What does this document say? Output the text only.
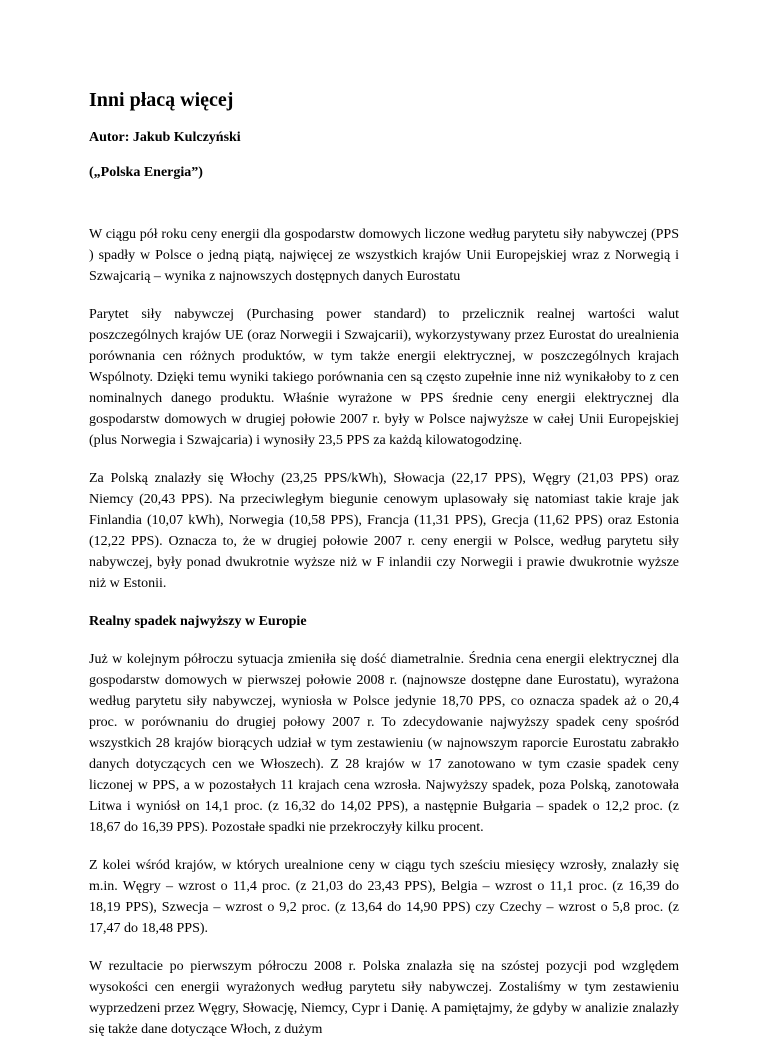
Inni płacą więcej
Autor: Jakub Kulczyński
(„Polska Energia”)

W ciągu pół roku ceny energii dla gospodarstw domowych liczone według parytetu siły nabywczej (PPS ) spadły w Polsce o jedną piątą, najwięcej ze wszystkich krajów Unii Europejskiej wraz z Norwegią i Szwajcarią – wynika z najnowszych dostępnych danych Eurostatu

Parytet siły nabywczej (Purchasing power standard) to przelicznik realnej wartości walut poszczególnych krajów UE (oraz Norwegii i Szwajcarii), wykorzystywany przez Eurostat do urealnienia porównania cen różnych produktów, w tym także energii elektrycznej, w poszczególnych krajach Wspólnoty. Dzięki temu wyniki takiego porównania cen są często zupełnie inne niż wynikałoby to z cen nominalnych danego produktu. Właśnie wyrażone w PPS średnie ceny energii elektrycznej dla gospodarstw domowych w drugiej połowie 2007 r. były w Polsce najwyższe w całej Unii Europejskiej (plus Norwegia i Szwajcaria) i wynosiły 23,5 PPS za każdą kilowatogodzinę.

Za Polską znalazły się Włochy (23,25 PPS/kWh), Słowacja (22,17 PPS), Węgry (21,03 PPS) oraz Niemcy (20,43 PPS). Na przeciwległym biegunie cenowym uplasowały się natomiast takie kraje jak Finlandia (10,07 kWh), Norwegia (10,58 PPS), Francja (11,31 PPS), Grecja (11,62 PPS) oraz Estonia (12,22 PPS). Oznacza to, że w drugiej połowie 2007 r. ceny energii w Polsce, według parytetu siły nabywczej, były ponad dwukrotnie wyższe niż w F inlandii czy Norwegii i prawie dwukrotnie wyższe niż w Estonii.

Realny spadek najwyższy w Europie

Już w kolejnym półroczu sytuacja zmieniła się dość diametralnie. Średnia cena energii elektrycznej dla gospodarstw domowych w pierwszej połowie 2008 r. (najnowsze dostępne dane Eurostatu), wyrażona według parytetu siły nabywczej, wyniosła w Polsce jedynie 18,70 PPS, co oznacza spadek aż o 20,4 proc. w porównaniu do drugiej połowy 2007 r. To zdecydowanie najwyższy spadek ceny spośród wszystkich 28 krajów biorących udział w tym zestawieniu (w najnowszym raporcie Eurostatu zabrakło danych dotyczących cen we Włoszech). Z 28 krajów w 17 zanotowano w tym czasie spadek ceny liczonej w PPS, a w pozostałych 11 krajach cena wzrosła. Najwyższy spadek, poza Polską, zanotowała Litwa i wyniósł on 14,1 proc. (z 16,32 do 14,02 PPS), a następnie Bułgaria – spadek o 12,2 proc. (z 18,67 do 16,39 PPS). Pozostałe spadki nie przekroczyły kilku procent.

Z kolei wśród krajów, w których urealnione ceny w ciągu tych sześciu miesięcy wzrosły, znalazły się m.in. Węgry – wzrost o 11,4 proc. (z 21,03 do 23,43 PPS), Belgia – wzrost o 11,1 proc. (z 16,39 do 18,19 PPS), Szwecja – wzrost o 9,2 proc. (z 13,64 do 14,90 PPS) czy Czechy – wzrost o 5,8 proc. (z 17,47 do 18,48 PPS).

W rezultacie po pierwszym półroczu 2008 r. Polska znalazła się na szóstej pozycji pod względem wysokości cen energii wyrażonych według parytetu siły nabywczej. Zostaliśmy w tym zestawieniu wyprzedzeni przez Węgry, Słowację, Niemcy, Cypr i Danię. A pamiętajmy, że gdyby w analizie znalazły się także dane dotyczące Włoch, z dużym
